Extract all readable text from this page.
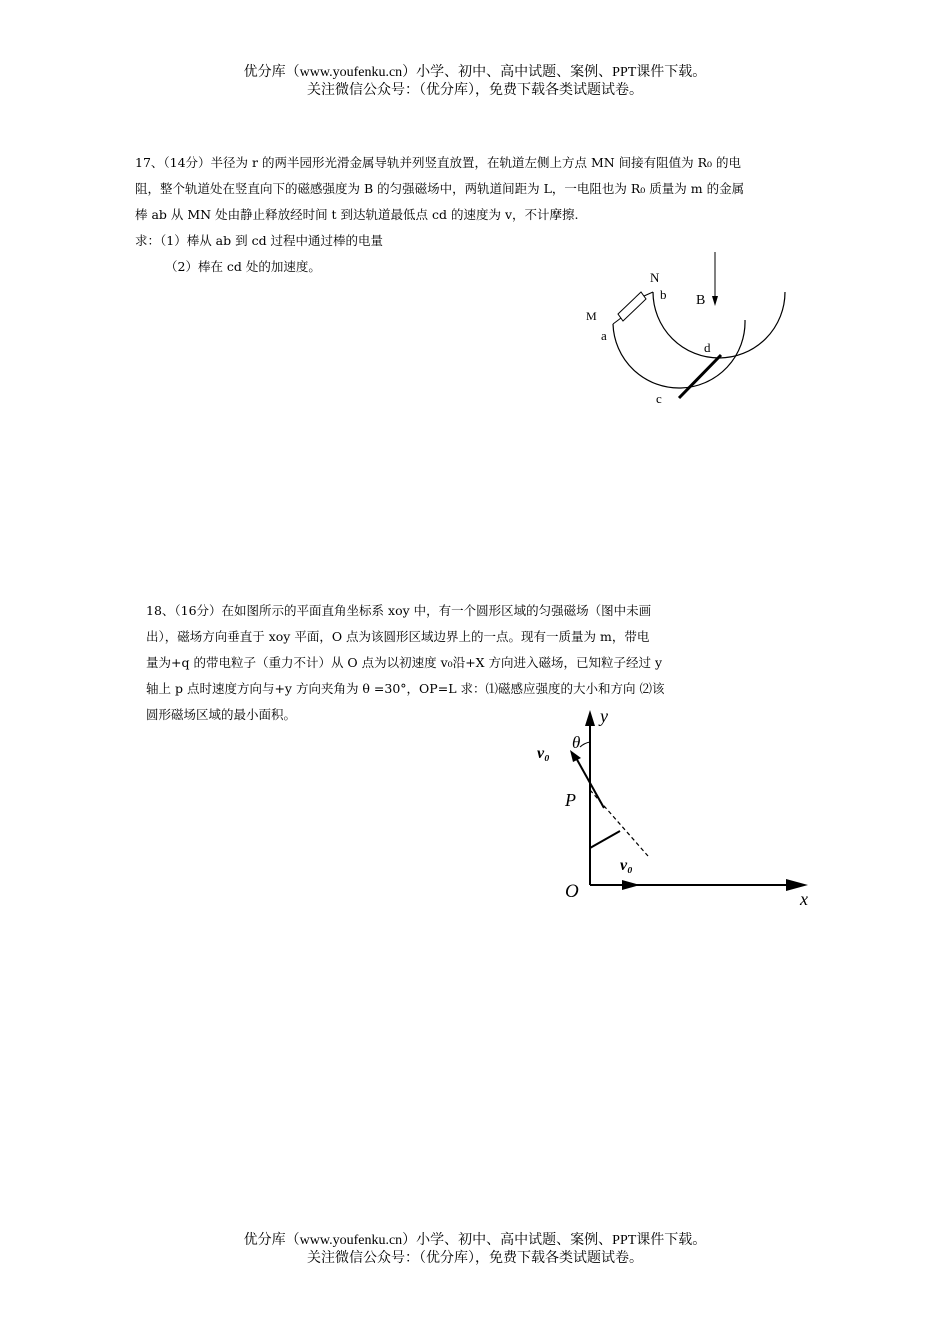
优分库（www.youfenku.cn）小学、初中、高中试题、案例、PPT课件下载。
关注微信公众号：（优分库），免费下载各类试题试卷。
17、（14分）半径为 r 的两半园形光滑金属导轨并列竖直放置，在轨道左侧上方点 MN 间接有阻值为 R₀ 的电
阻，整个轨道处在竖直向下的磁感强度为 B 的匀强磁场中，两轨道间距为 L，一电阻也为 R₀ 质量为 m 的金属
棒 ab 从 MN 处由静止释放经时间 t 到达轨道最低点 cd 的速度为 v，不计摩擦.
求：（1）棒从 ab 到 cd 过程中通过棒的电量
（2）棒在 cd 处的加速度。
N
b B
M
a
d
c
18、（16分）在如图所示的平面直角坐标系 xoy 中，有一个圆形区域的匀强磁场（图中未画
出），磁场方向垂直于 xoy 平面，O 点为该圆形区域边界上的一点。现有一质量为 m，带电
量为+q 的带电粒子（重力不计）从 O 点为以初速度 v₀沿+X 方向进入磁场，已知粒子经过 y
轴上 p 点时速度方向与+y 方向夹角为 θ =30°，OP=L 求：⑴磁感应强度的大小和方向 ⑵该
圆形磁场区域的最小面积。	y
θ
v₀
P
v₀
O	x
优分库（www.youfenku.cn）小学、初中、高中试题、案例、PPT课件下载。
关注微信公众号：（优分库），免费下载各类试题试卷。
